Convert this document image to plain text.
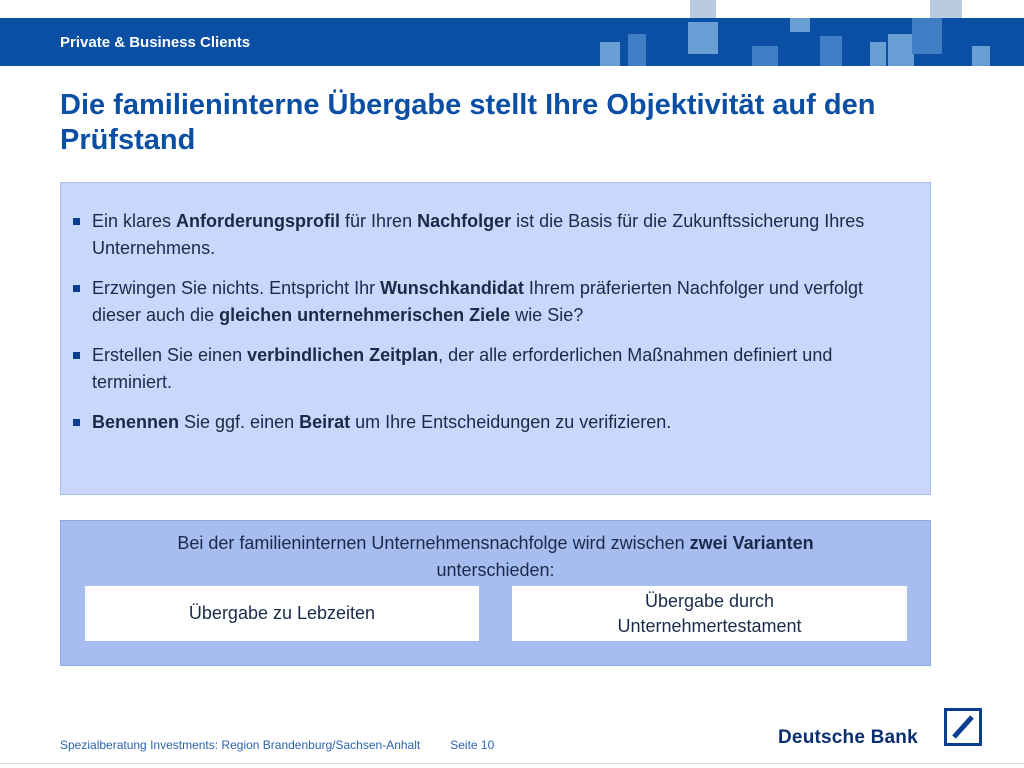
Private & Business Clients
Die familieninterne Übergabe stellt Ihre Objektivität auf den Prüfstand
Ein klares Anforderungsprofil für Ihren Nachfolger ist die Basis für die Zukunftssicherung Ihres Unternehmens.
Erzwingen Sie nichts. Entspricht Ihr Wunschkandidat Ihrem präferierten Nachfolger und verfolgt dieser auch die gleichen unternehmerischen Ziele wie Sie?
Erstellen Sie einen verbindlichen Zeitplan, der alle erforderlichen Maßnahmen definiert und terminiert.
Benennen Sie ggf. einen Beirat um Ihre Entscheidungen zu verifizieren.
Bei der familieninternen Unternehmensnachfolge wird zwischen zwei Varianten
unterschieden:
Übergabe zu Lebzeiten
Übergabe durch Unternehmertestament
Spezialberatung Investments: Region Brandenburg/Sachsen-Anhalt	Seite 10	Deutsche Bank
